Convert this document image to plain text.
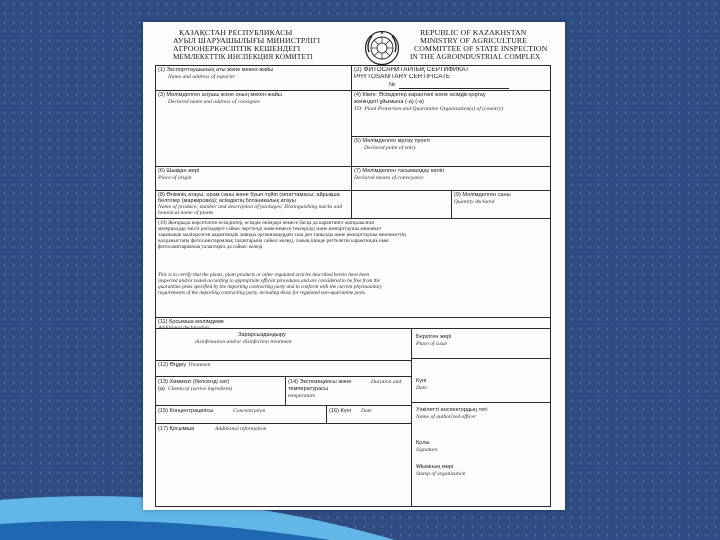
ҚАЗАҚСТАН РЕСПУБЛИКАСЫ
АУЫЛ ШАРУАШЫЛЫҒЫ МИНИСТРЛІГІ
АГРООНЕРКӘСІПТІК КЕШЕНДЕГІ
МЕМЛЕКЕТТІК ИНСПЕКЦИЯ КОМИТЕТІ
REPUBLIC OF KAZAKHSTAN
MINISTRY OF AGRICULTURE
COMMITTEE OF STATE INSPECTION
IN THE AGROINDUSTRIAL COMPLEX
(1) Экспорттаушының аты және мекен-жайы
Name and address of exporter
(2) ФИТОСАНИТАРЛЫҚ СЕРТИФИКАТ
PHYTOSANITARY CERTIFICATE
№
(3) Мәлімделген алушы және оның мекен-жайы
Declared name and address of consignee
(4) Кімге: Өсімдіктер карантині және өсімдік қорғау
жөніндегі ұйымына (-а) (-а)
TO: Plant Protection and Quarantine Organization(s) of (country)
(5) Мәлімделген кіргізу пункті
Declared point of entry
(6) Шыққан жері
Place of origin
(7) Мәлімделген тасымалдау көлігі
Declared means of conveyance
(8) Өнімнің атауы, орам саны және буып-түйіп сипаттамасы; айрықша
белгілер (маркировка); өсімдіктің ботаникалық атауы
Name of produce; number and description of packages; Distinguishing marks and
botanical name of plants
(9) Мәлімделген саны
Quantity declared
(10) Жоғарыда көрсетілген өсімдіктер, өсімдік өнімдері немесе басқа да карантинге жатқызылған
материалдар тиісті рәсімдерге сәйкес зерттелді және/немесе тексерілді және импорттаушы мемлекет
тарапынан мәлімделген карантиндік зиянды организмдерден таза деп танылды және импорттаушы мемлекеттің
қолданыстағы фитосанитариялық талаптарына сәйкес келеді, соның ішінде реттелетін карантиндік емес
фитосанитариялық талаптарға да сәйкес келеді
This is to certify that the plants, plant products or other regulated articles described herein have been
inspected and/or tested according to appropriate official procedures and are considered to be free from the
quarantine pests specified by the importing contracting party and to conform with the current phytosanitary
requirements of the importing contracting party, including those for regulated non-quarantine pests.
(11) Қосымша мәлімдеме
Additional declaration
Зарарсыздандыру
disinfestation and/or disinfection treatment
(12) Өңдеу Treatment
(13) Химикат (белсенді зат)
(а) Chemical (active ingredient)
(14) Экспозициясы және	Duration and
температурасы
temperature
(15) Концентрациясы	Concentration	(16) Күні	Date
(17) Қосымша	Additional information
Берілген жері
Place of issue
Күні
Date
Уәкілетті инспектордың тегі
Name of authorized officer
Қолы
Signature
Ұйымның мөрі
Stamp of organization
